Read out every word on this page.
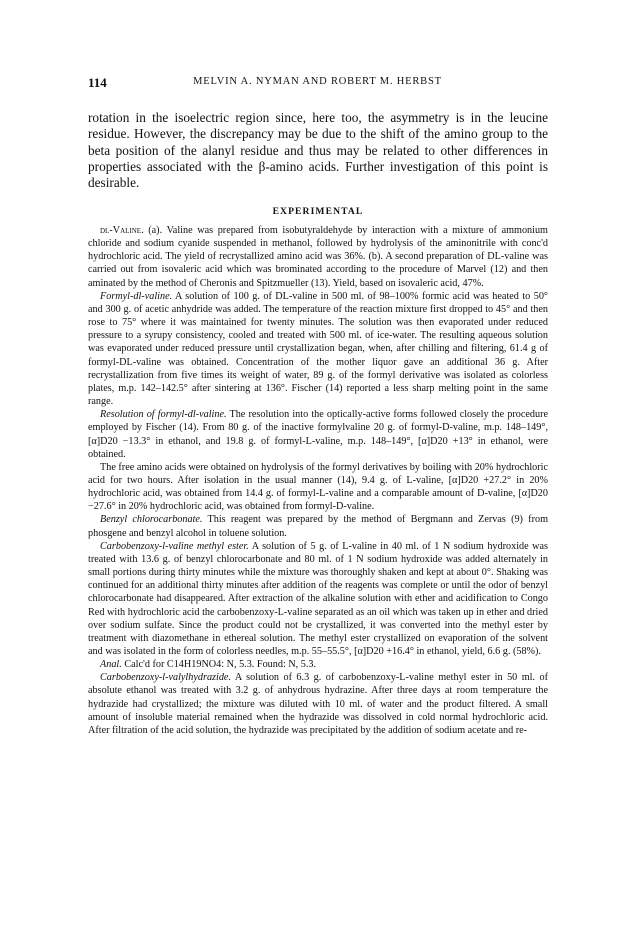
114	MELVIN A. NYMAN AND ROBERT M. HERBST

rotation in the isoelectric region since, here too, the asymmetry is in the leucine residue. However, the discrepancy may be due to the shift of the amino group to the beta position of the alanyl residue and thus may be related to other differences in properties associated with the β-amino acids. Further investigation of this point is desirable.

EXPERIMENTAL

dl-Valine. (a). Valine was prepared from isobutyraldehyde by interaction with a mixture of ammonium chloride and sodium cyanide suspended in methanol, followed by hydrolysis of the aminonitrile with conc'd hydrochloric acid. The yield of recrystallized amino acid was 36%. (b). A second preparation of DL-valine was carried out from isovaleric acid which was brominated according to the procedure of Marvel (12) and then aminated by the method of Cheronis and Spitzmueller (13). Yield, based on isovaleric acid, 47%.

Formyl-dl-valine. A solution of 100 g. of DL-valine in 500 ml. of 98–100% formic acid was heated to 50° and 300 g. of acetic anhydride was added. The temperature of the reaction mixture first dropped to 45° and then rose to 75° where it was maintained for twenty minutes. The solution was then evaporated under reduced pressure to a syrupy consistency, cooled and treated with 500 ml. of ice-water. The resulting aqueous solution was evaporated under reduced pressure until crystallization began, when, after chilling and filtering, 61.4 g of formyl-DL-valine was obtained. Concentration of the mother liquor gave an additional 36 g. After recrystallization from five times its weight of water, 89 g. of the formyl derivative was isolated as colorless plates, m.p. 142–142.5° after sintering at 136°. Fischer (14) reported a less sharp melting point in the same range.

Resolution of formyl-dl-valine. The resolution into the optically-active forms followed closely the procedure employed by Fischer (14). From 80 g. of the inactive formylvaline 20 g. of formyl-D-valine, m.p. 148–149°, [α]D20 −13.3° in ethanol, and 19.8 g. of formyl-L-valine, m.p. 148–149°, [α]D20 +13° in ethanol, were obtained.

The free amino acids were obtained on hydrolysis of the formyl derivatives by boiling with 20% hydrochloric acid for two hours. After isolation in the usual manner (14), 9.4 g. of L-valine, [α]D20 +27.2° in 20% hydrochloric acid, was obtained from 14.4 g. of formyl-L-valine and a comparable amount of D-valine, [α]D20 −27.6° in 20% hydrochloric acid, was obtained from formyl-D-valine.

Benzyl chlorocarbonate. This reagent was prepared by the method of Bergmann and Zervas (9) from phosgene and benzyl alcohol in toluene solution.

Carbobenzoxy-l-valine methyl ester. A solution of 5 g. of L-valine in 40 ml. of 1 N sodium hydroxide was treated with 13.6 g. of benzyl chlorocarbonate and 80 ml. of 1 N sodium hydroxide was added alternately in small portions during thirty minutes while the mixture was thoroughly shaken and kept at about 0°. Shaking was continued for an additional thirty minutes after addition of the reagents was complete or until the odor of benzyl chlorocarbonate had disappeared. After extraction of the alkaline solution with ether and acidification to Congo Red with hydrochloric acid the carbobenzoxy-L-valine separated as an oil which was taken up in ether and dried over sodium sulfate. Since the product could not be crystallized, it was converted into the methyl ester by treatment with diazomethane in ethereal solution. The methyl ester crystallized on evaporation of the solvent and was isolated in the form of colorless needles, m.p. 55–55.5°, [α]D20 +16.4° in ethanol, yield, 6.6 g. (58%).

Anal. Calc'd for C14H19NO4: N, 5.3. Found: N, 5.3.

Carbobenzoxy-l-valylhydrazide. A solution of 6.3 g. of carbobenzoxy-L-valine methyl ester in 50 ml. of absolute ethanol was treated with 3.2 g. of anhydrous hydrazine. After three days at room temperature the hydrazide had crystallized; the mixture was diluted with 10 ml. of water and the product filtered. A small amount of insoluble material remained when the hydrazide was dissolved in cold normal hydrochloric acid. After filtration of the acid solution, the hydrazide was precipitated by the addition of sodium acetate and re-
